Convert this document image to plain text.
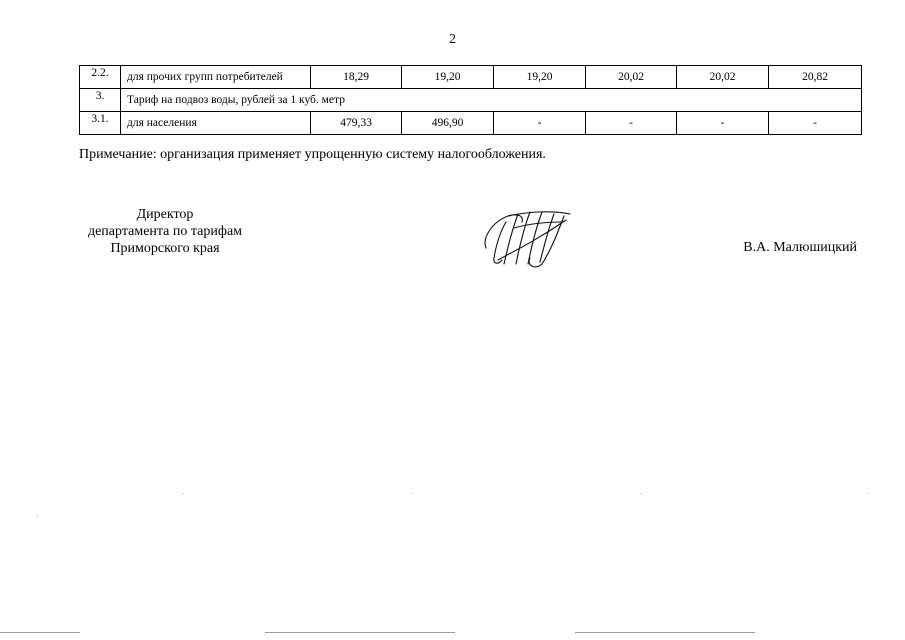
2
2.2.	для прочих групп потребителей	18,29	19,20	19,20	20,02	20,02	20,82
3.	Тариф на подвоз воды, рублей за 1 куб. метр						
3.1.	для населения	479,33	496,90	-	-	-	-
Примечание: организация применяет упрощенную систему налогообложения.
Директор
департамента по тарифам
Приморского края	В.А. Малюшицкий
